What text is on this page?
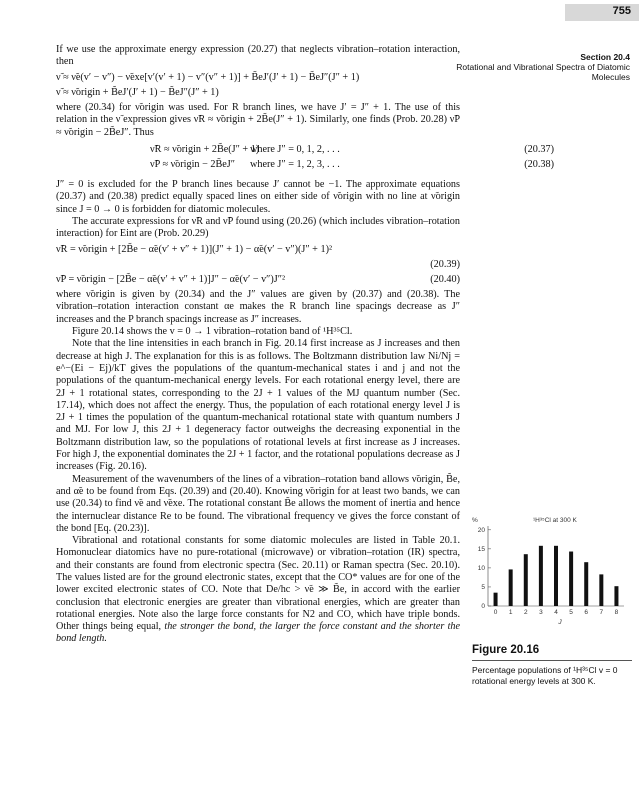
755
Section 20.4
Rotational and Vibrational Spectra of Diatomic Molecules

If we use the approximate energy expression (20.27) that neglects vibration–rotation interaction, then

ν̃ ≈ ν̃e(v′ − v″) − ν̃exe[v′(v′ + 1) − v″(v″ + 1)] + B̃eJ′(J′ + 1) − B̃eJ″(J″ + 1)
ν̃ ≈ ν̃origin + B̃eJ′(J′ + 1) − B̃eJ″(J″ + 1)

where (20.34) for ν̃origin was used. For R branch lines, we have J′ = J″ + 1. The use of this relation in the ν̃ expression gives ν̃R ≈ ν̃origin + 2B̃e(J″ + 1). Similarly, one finds (Prob. 20.28) ν̃P ≈ ν̃origin − 2B̃eJ″. Thus

ν̃R ≈ ν̃origin + 2B̃e(J″ + 1)
where J″ = 0, 1, 2, . . .	(20.37)
ν̃P ≈ ν̃origin − 2B̃eJ″ where J″ = 1, 2, 3, . . .	(20.38)

J″ = 0 is excluded for the P branch lines because J′ cannot be −1. The approximate equations (20.37) and (20.38) predict equally spaced lines on either side of ν̃origin with no line at ν̃origin since J = 0 → 0 is forbidden for diatomic molecules.

The accurate expressions for ν̃R and ν̃P found using (20.26) (which includes vibration–rotation interaction) for Eint are (Prob. 20.29)

ν̃R = ν̃origin + [2B̃e − α̃e(v′ + v″ + 1)](J″ + 1) − α̃e(v′ − v″)(J″ + 1)²
(20.39)
ν̃P = ν̃origin − [2B̃e − α̃e(v′ + v″ + 1)]J″ − α̃e(v′ − v″)J″²	(20.40)

where ν̃origin is given by (20.34) and the J″ values are given by (20.37) and (20.38). The vibration–rotation interaction constant αe makes the R branch line spacings decrease as J″ increases and the P branch spacings increase as J″ increases.

Figure 20.14 shows the v = 0 → 1 vibration–rotation band of ¹H³⁵Cl.

Note that the line intensities in each branch in Fig. 20.14 first increase as J increases and then decrease at high J. The explanation for this is as follows. The Boltzmann distribution law Ni/Nj = e^−(Ei − Ej)/kT gives the populations of the quantum-mechanical states i and j and not the populations of the quantum-mechanical energy levels. For each rotational energy level, there are 2J + 1 rotational states, corresponding to the 2J + 1 values of the MJ quantum number (Sec. 17.14), which does not affect the energy. Thus, the population of each rotational energy level J is 2J + 1 times the population of the quantum-mechanical rotational state with quantum numbers J and MJ. For low J, this 2J + 1 degeneracy factor outweighs the decreasing exponential in the Boltzmann distribution law, so the populations of rotational levels at first increase as J increases. For high J, the exponential dominates the 2J + 1 factor, and the rotational populations decrease as J increases (Fig. 20.16).

Measurement of the wavenumbers of the lines of a vibration–rotation band allows ν̃origin, B̃e, and α̃e to be found from Eqs. (20.39) and (20.40). Knowing ν̃origin for at least two bands, we can use (20.34) to find ν̃e and ν̃exe. The rotational constant B̃e allows the moment of inertia and hence the internuclear distance Re to be found. The vibrational frequency νe gives the force constant of the bond [Eq. (20.23)].

Vibrational and rotational constants for some diatomic molecules are listed in Table 20.1. Homonuclear diatomics have no pure-rotational (microwave) or vibration–rotation (IR) spectra, and their constants are found from electronic spectra (Sec. 20.11) or Raman spectra (Sec. 20.10). The values listed are for the ground electronic states, except that the CO* values are for one of the lower excited electronic states of CO. Note that De/hc > ν̃e ≫ B̃e, in accord with the earlier conclusion that electronic energies are greater than vibrational energies, which are greater than rotational energies. Note also the large force constants for N2 and CO, which have triple bonds. Other things being equal, the stronger the bond, the larger the force constant and the shorter the bond length.

¹H³⁵Cl at 300 K
%
0
5
10
15
20
0 1 2 3 4 5 6 7 8
J
Figure 20.16
Percentage populations of ¹H³⁵Cl v = 0 rotational energy levels at 300 K.
